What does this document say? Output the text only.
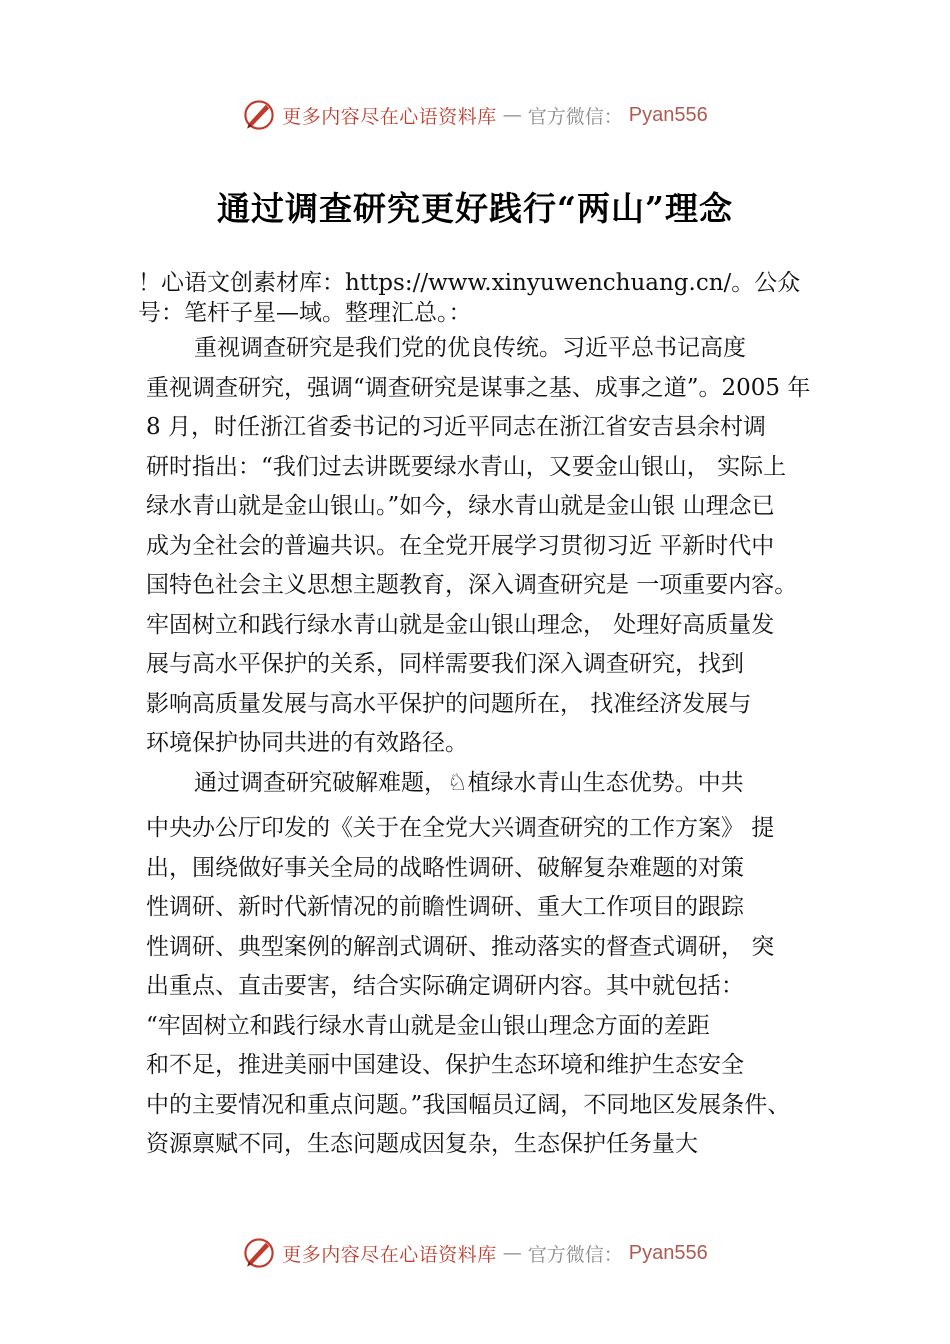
更多内容尽在心语资料库 — 官方微信： Pyan556
通过调查研究更好践行“两山”理念
！心语文创素材库：https://www.xinyuwenchuang.cn/。公众
号：笔杆子星—域。整理汇总。：
重视调查研究是我们党的优良传统。习近平总书记高度
重视调查研究，强调“调查研究是谋事之基、成事之道”。2005 年
8 月，时任浙江省委书记的习近平同志在浙江省安吉县余村调
研时指出：“我们过去讲既要绿水青山，又要金山银山， 实际上
绿水青山就是金山银山。”如今，绿水青山就是金山银 山理念已
成为全社会的普遍共识。在全党开展学习贯彻习近 平新时代中
国特色社会主义思想主题教育，深入调查研究是 一项重要内容。
牢固树立和践行绿水青山就是金山银山理念， 处理好高质量发
展与高水平保护的关系，同样需要我们深入调查研究，找到
影响高质量发展与高水平保护的问题所在， 找准经济发展与
环境保护协同共进的有效路径。
通过调查研究破解难题，♘植绿水青山生态优势。中共
中央办公厅印发的《关于在全党大兴调查研究的工作方案》 提
出，围绕做好事关全局的战略性调研、破解复杂难题的对策
性调研、新时代新情况的前瞻性调研、重大工作项目的跟踪
性调研、典型案例的解剖式调研、推动落实的督查式调研， 突
出重点、直击要害，结合实际确定调研内容。其中就包括：
“牢固树立和践行绿水青山就是金山银山理念方面的差距
和不足，推进美丽中国建设、保护生态环境和维护生态安全
中的主要情况和重点问题。”我国幅员辽阔，不同地区发展条件、
资源禀赋不同，生态问题成因复杂，生态保护任务量大
更多内容尽在心语资料库 — 官方微信： Pyan556
